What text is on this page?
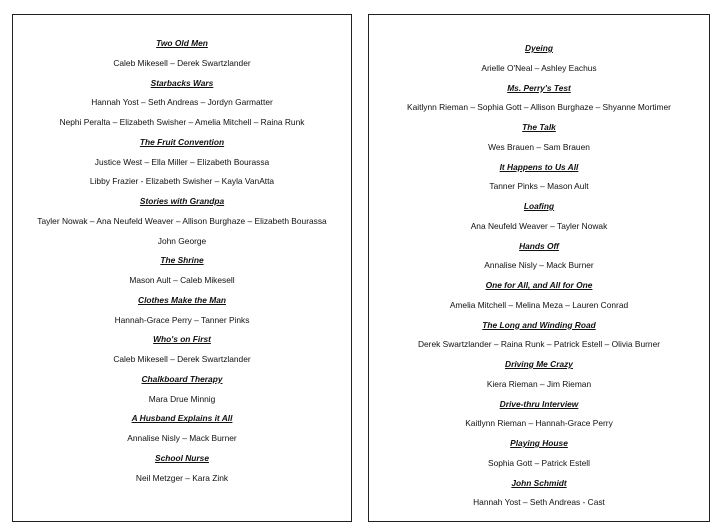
Two Old Men
Caleb Mikesell – Derek Swartzlander
Starbacks Wars
Hannah Yost – Seth Andreas – Jordyn Garmatter
Nephi Peralta – Elizabeth Swisher – Amelia Mitchell – Raina Runk
The Fruit Convention
Justice West – Ella Miller – Elizabeth Bourassa
Libby Frazier - Elizabeth Swisher – Kayla VanAtta
Stories with Grandpa
Tayler Nowak – Ana Neufeld Weaver – Allison Burghaze – Elizabeth Bourassa
John George
The Shrine
Mason Ault – Caleb Mikesell
Clothes Make the Man
Hannah-Grace Perry – Tanner Pinks
Who's on First
Caleb Mikesell – Derek Swartzlander
Chalkboard Therapy
Mara Drue Minnig
A Husband Explains it All
Annalise Nisly – Mack Burner
School Nurse
Neil Metzger – Kara Zink
Dyeing
Arielle O'Neal – Ashley Eachus
Ms. Perry's Test
Kaitlynn Rieman – Sophia Gott – Allison Burghaze – Shyanne Mortimer
The Talk
Wes Brauen – Sam Brauen
It Happens to Us All
Tanner Pinks – Mason Ault
Loafing
Ana Neufeld Weaver – Tayler Nowak
Hands Off
Annalise Nisly – Mack Burner
One for All, and All for One
Amelia Mitchell – Melina Meza – Lauren Conrad
The Long and Winding Road
Derek Swartzlander – Raina Runk – Patrick Estell – Olivia Burner
Driving Me Crazy
Kiera Rieman – Jim Rieman
Drive-thru Interview
Kaitlynn Rieman – Hannah-Grace Perry
Playing House
Sophia Gott – Patrick Estell
John Schmidt
Hannah Yost – Seth Andreas - Cast
